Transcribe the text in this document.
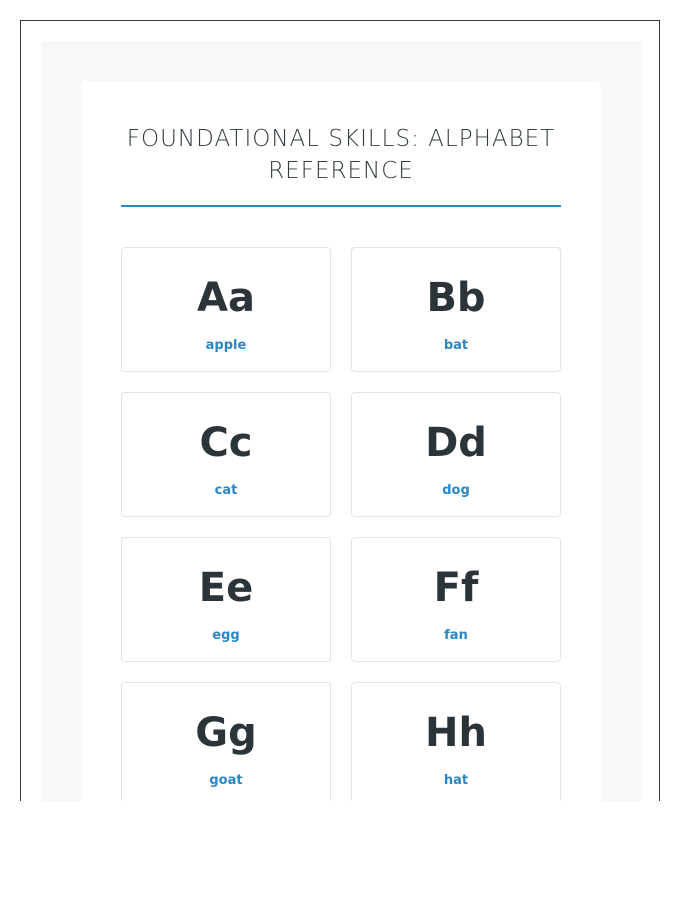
FOUNDATIONAL SKILLS: ALPHABET REFERENCE
Aa
apple
Bb
bat
Cc
cat
Dd
dog
Ee
egg
Ff
fan
Gg
goat
Hh
hat
